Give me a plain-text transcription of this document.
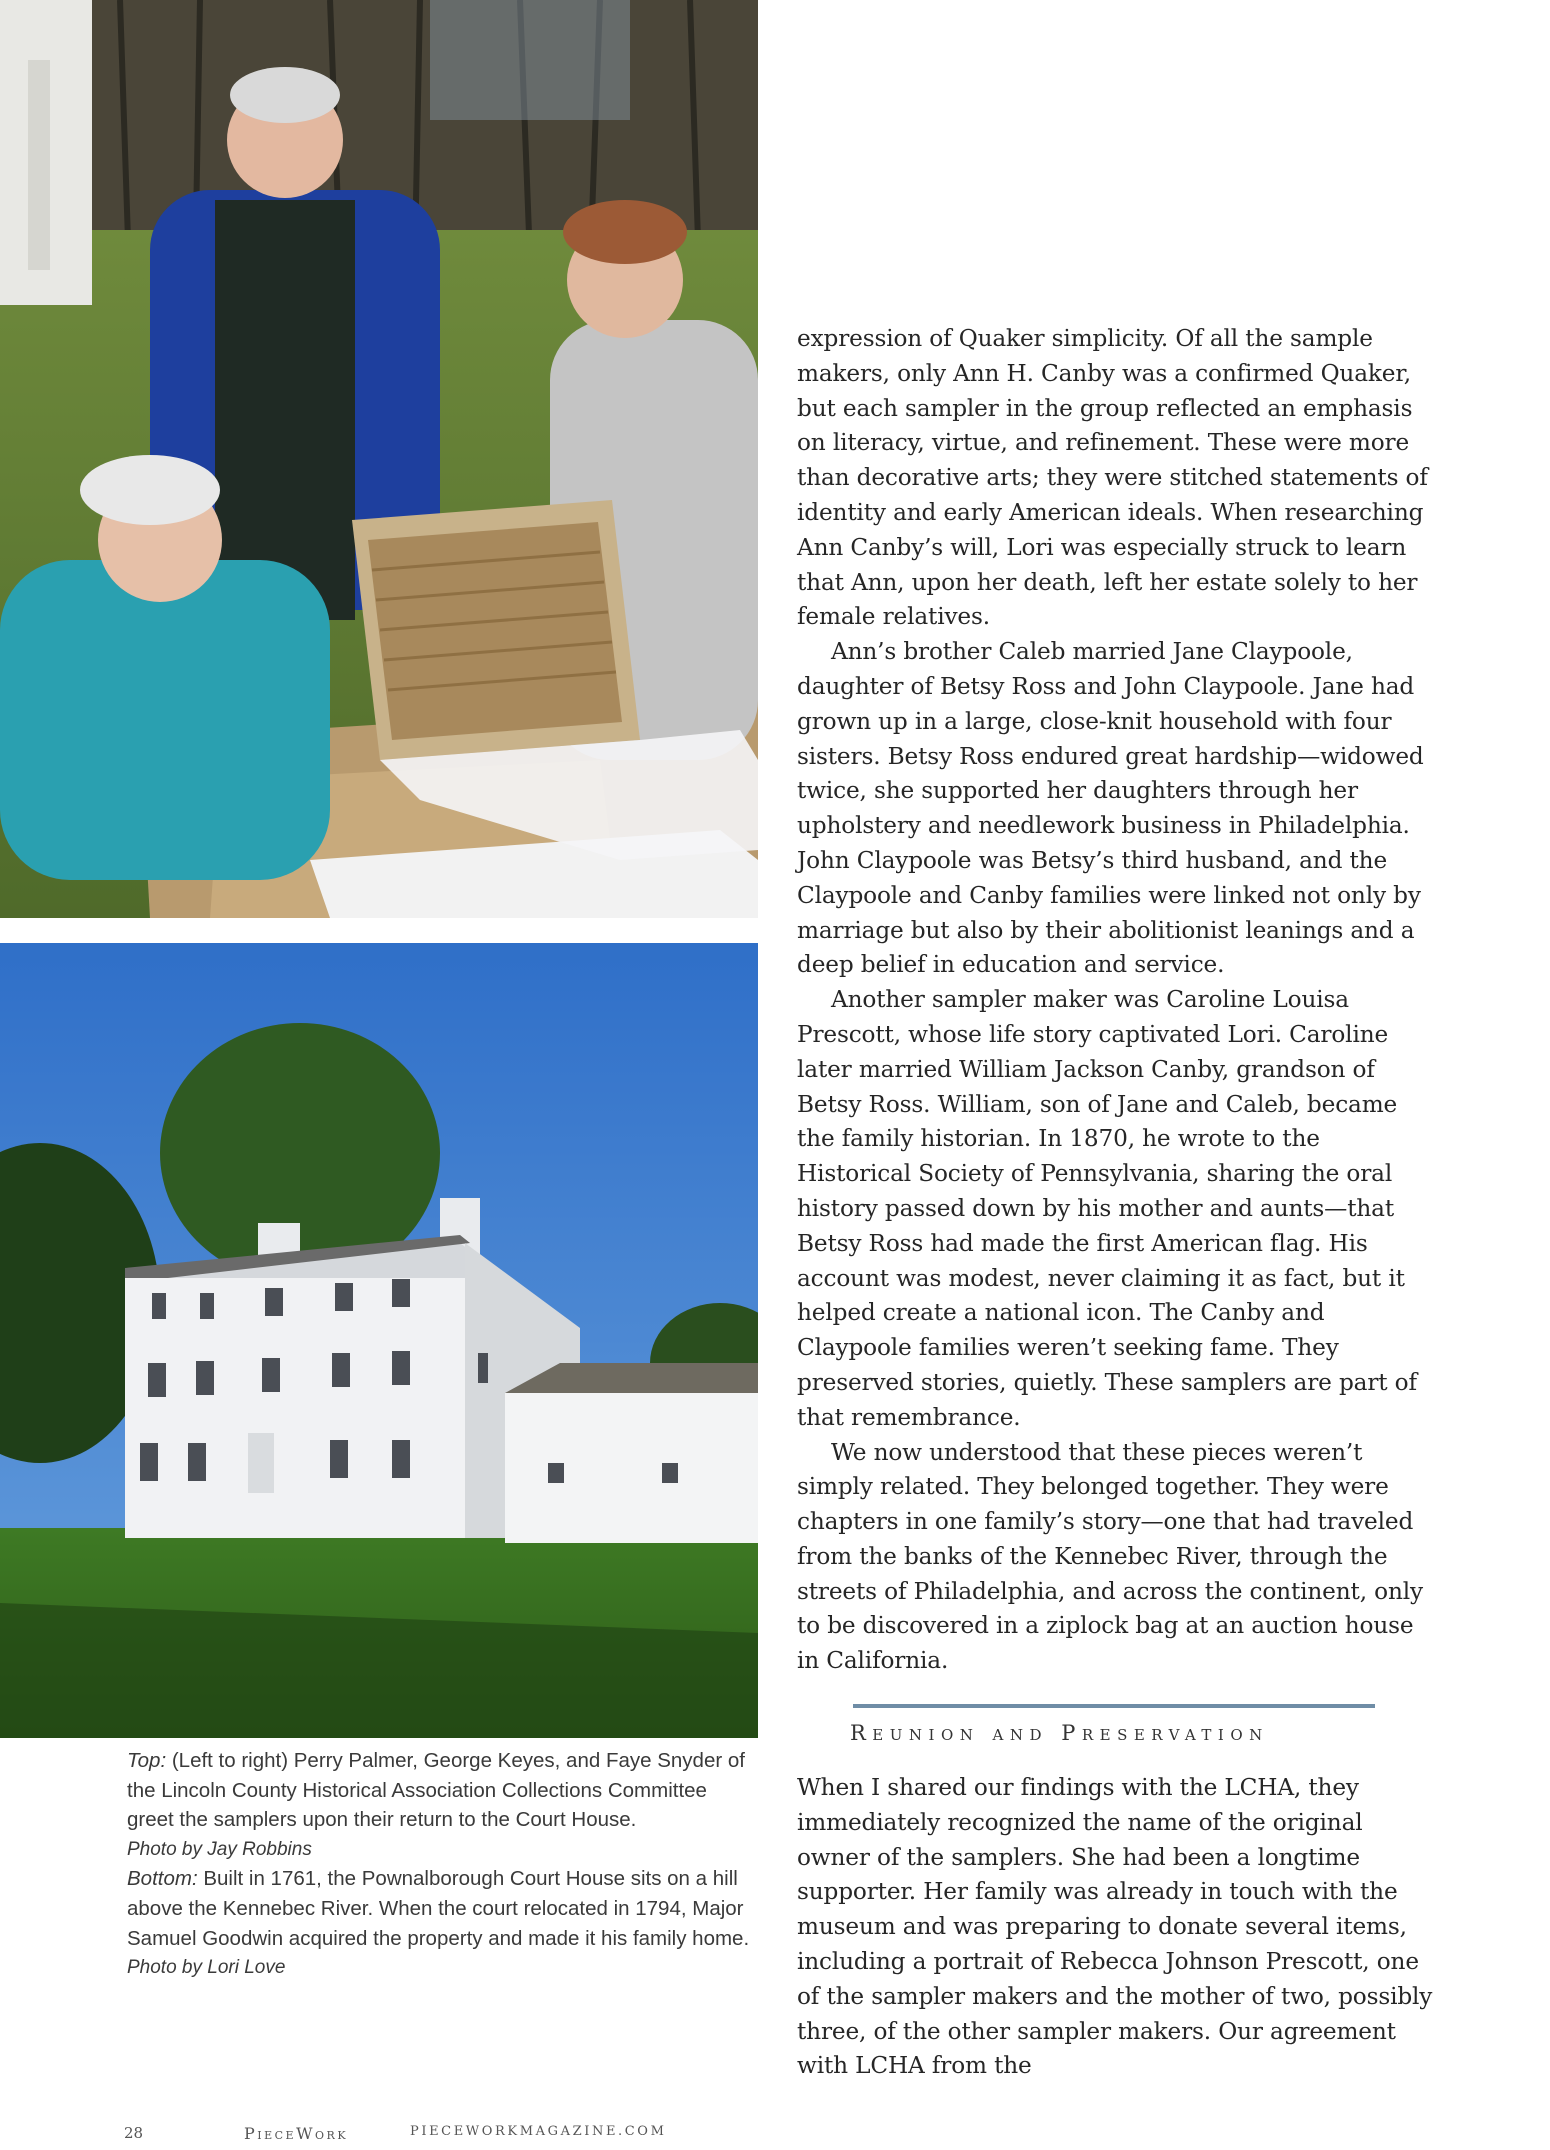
expression of Quaker simplicity. Of all the sample makers, only Ann H. Canby was a confirmed Quaker, but each sampler in the group reflected an emphasis on literacy, virtue, and refinement. These were more than decorative arts; they were stitched statements of identity and early American ideals. When researching Ann Canby’s will, Lori was especially struck to learn that Ann, upon her death, left her estate solely to her female relatives.

Ann’s brother Caleb married Jane Claypoole, daughter of Betsy Ross and John Claypoole. Jane had grown up in a large, close-knit household with four sisters. Betsy Ross endured great hardship—widowed twice, she supported her daughters through her upholstery and needlework business in Philadelphia. John Claypoole was Betsy’s third husband, and the Claypoole and Canby families were linked not only by marriage but also by their abolitionist leanings and a deep belief in education and service.

Another sampler maker was Caroline Louisa Prescott, whose life story captivated Lori. Caroline later married William Jackson Canby, grandson of Betsy Ross. William, son of Jane and Caleb, became the family historian. In 1870, he wrote to the Historical Society of Pennsylvania, sharing the oral history passed down by his mother and aunts—that Betsy Ross had made the first American flag. His account was modest, never claiming it as fact, but it helped create a national icon. The Canby and Claypoole families weren’t seeking fame. They preserved stories, quietly. These samplers are part of that remembrance.

We now understood that these pieces weren’t simply related. They belonged together. They were chapters in one family’s story—one that had traveled from the banks of the Kennebec River, through the streets of Philadelphia, and across the continent, only to be discovered in a ziplock bag at an auction house in California.

Reunion and Preservation

When I shared our findings with the LCHA, they immediately recognized the name of the original owner of the samplers. She had been a longtime supporter. Her family was already in touch with the museum and was preparing to donate several items, including a portrait of Rebecca Johnson Prescott, one of the sampler makers and the mother of two, possibly three, of the other sampler makers. Our agreement with LCHA from the

Top: (Left to right) Perry Palmer, George Keyes, and Faye Snyder of the Lincoln County Historical Association Collections Committee greet the samplers upon their return to the Court House.
Photo by Jay Robbins
Bottom: Built in 1761, the Pownalborough Court House sits on a hill above the Kennebec River. When the court relocated in 1794, Major Samuel Goodwin acquired the property and made it his family home.
Photo by Lori Love
28	PieceWork	PIECEWORKMAGAZINE.COM
